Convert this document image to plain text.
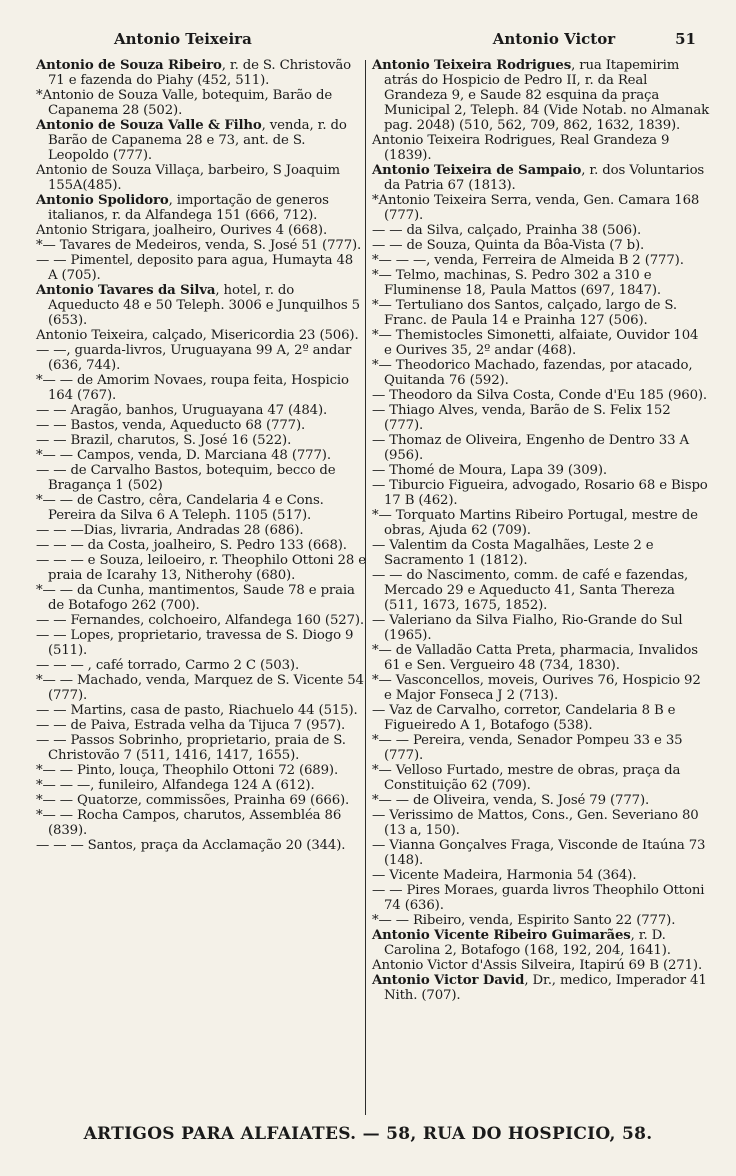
Antonio Teixeira	Antonio Victor	51

Antonio de Souza Ribeiro, r. de S. Christovão 71 e fazenda do Piahy (452, 511).

*Antonio de Souza Valle, botequim, Barão de Capanema 28 (502).

Antonio de Souza Valle & Filho, venda, r. do Barão de Capanema 28 e 73, ant. de S. Leopoldo (777).

Antonio de Souza Villaça, barbeiro, S Joaquim 155A(485).

Antonio Spolidoro, importação de generos italianos, r. da Alfandega 151 (666, 712).

Antonio Strigara, joalheiro, Ourives 4 (668).

*— Tavares de Medeiros, venda, S. José 51 (777).

— — Pimentel, deposito para agua, Humayta 48 A (705).

Antonio Tavares da Silva, hotel, r. do Aqueducto 48 e 50 Teleph. 3006 e Junquilhos 5 (653).

Antonio Teixeira, calçado, Misericordia 23 (506).

— —, guarda-livros, Uruguayana 99 A, 2º andar (636, 744).

*— — de Amorim Novaes, roupa feita, Hospicio 164 (767).

— — Aragão, banhos, Uruguayana 47 (484).

— — Bastos, venda, Aqueducto 68 (777).

— — Brazil, charutos, S. José 16 (522).

*— — Campos, venda, D. Marciana 48 (777).

— — de Carvalho Bastos, botequim, becco de Bragança 1 (502)

*— — de Castro, cêra, Candelaria 4 e Cons. Pereira da Silva 6 A Teleph. 1105 (517).

— — —Dias, livraria, Andradas 28 (686).

— — — da Costa, joalheiro, S. Pedro 133 (668).

— — — e Souza, leiloeiro, r. Theophilo Ottoni 28 e praia de Icarahy 13, Nitherohy (680).

*— — da Cunha, mantimentos, Saude 78 e praia de Botafogo 262 (700).

— — Fernandes, colchoeiro, Alfandega 160 (527).

— — Lopes, proprietario, travessa de S. Diogo 9 (511).

— — — , café torrado, Carmo 2 C (503).

*— — Machado, venda, Marquez de S. Vicente 54 (777).

— — Martins, casa de pasto, Riachuelo 44 (515).

— — de Paiva, Estrada velha da Tijuca 7 (957).

— — Passos Sobrinho, proprietario, praia de S. Christovão 7 (511, 1416, 1417, 1655).

*— — Pinto, louça, Theophilo Ottoni 72 (689).

*— — —, funileiro, Alfandega 124 A (612).

*— — Quatorze, commissões, Prainha 69 (666).

*— — Rocha Campos, charutos, Assembléa 86 (839).

— — — Santos, praça da Acclamação 20 (344).

Antonio Teixeira Rodrigues, rua Itapemirim atrás do Hospicio de Pedro II, r. da Real Grandeza 9, e Saude 82 esquina da praça Municipal 2, Teleph. 84 (Vide Notab. no Almanak pag. 2048) (510, 562, 709, 862, 1632, 1839).

Antonio Teixeira Rodrigues, Real Grandeza 9 (1839).

Antonio Teixeira de Sampaio, r. dos Voluntarios da Patria 67 (1813).

*Antonio Teixeira Serra, venda, Gen. Camara 168 (777).

— — da Silva, calçado, Prainha 38 (506).

— — de Souza, Quinta da Bôa-Vista (7 b).

*— — —, venda, Ferreira de Almeida B 2 (777).

*— Telmo, machinas, S. Pedro 302 a 310 e Fluminense 18, Paula Mattos (697, 1847).

*— Tertuliano dos Santos, calçado, largo de S. Franc. de Paula 14 e Prainha 127 (506).

*— Themistocles Simonetti, alfaiate, Ouvidor 104 e Ourives 35, 2º andar (468).

*— Theodorico Machado, fazendas, por atacado, Quitanda 76 (592).

— Theodoro da Silva Costa, Conde d'Eu 185 (960).

— Thiago Alves, venda, Barão de S. Felix 152 (777).

— Thomaz de Oliveira, Engenho de Dentro 33 A (956).

— Thomé de Moura, Lapa 39 (309).

— Tiburcio Figueira, advogado, Rosario 68 e Bispo 17 B (462).

*— Torquato Martins Ribeiro Portugal, mestre de obras, Ajuda 62 (709).

— Valentim da Costa Magalhães, Leste 2 e Sacramento 1 (1812).

— — do Nascimento, comm. de café e fazendas, Mercado 29 e Aqueducto 41, Santa Thereza (511, 1673, 1675, 1852).

— Valeriano da Silva Fialho, Rio-Grande do Sul (1965).

*— de Valladão Catta Preta, pharmacia, Invalidos 61 e Sen. Vergueiro 48 (734, 1830).

*— Vasconcellos, moveis, Ourives 76, Hospicio 92 e Major Fonseca J 2 (713).

— Vaz de Carvalho, corretor, Candelaria 8 B e Figueiredo A 1, Botafogo (538).

*— — Pereira, venda, Senador Pompeu 33 e 35 (777).

*— Velloso Furtado, mestre de obras, praça da Constituição 62 (709).

*— — de Oliveira, venda, S. José 79 (777).

— Verissimo de Mattos, Cons., Gen. Severiano 80 (13 a, 150).

— Vianna Gonçalves Fraga, Visconde de Itaúna 73 (148).

— Vicente Madeira, Harmonia 54 (364).

— — Pires Moraes, guarda livros Theophilo Ottoni 74 (636).

*— — Ribeiro, venda, Espirito Santo 22 (777).

Antonio Vicente Ribeiro Guimarães, r. D. Carolina 2, Botafogo (168, 192, 204, 1641).

Antonio Victor d'Assis Silveira, Itapirú 69 B (271).

Antonio Victor David, Dr., medico, Imperador 41 Nith. (707).

ARTIGOS PARA ALFAIATES. — 58, RUA DO HOSPICIO, 58.
